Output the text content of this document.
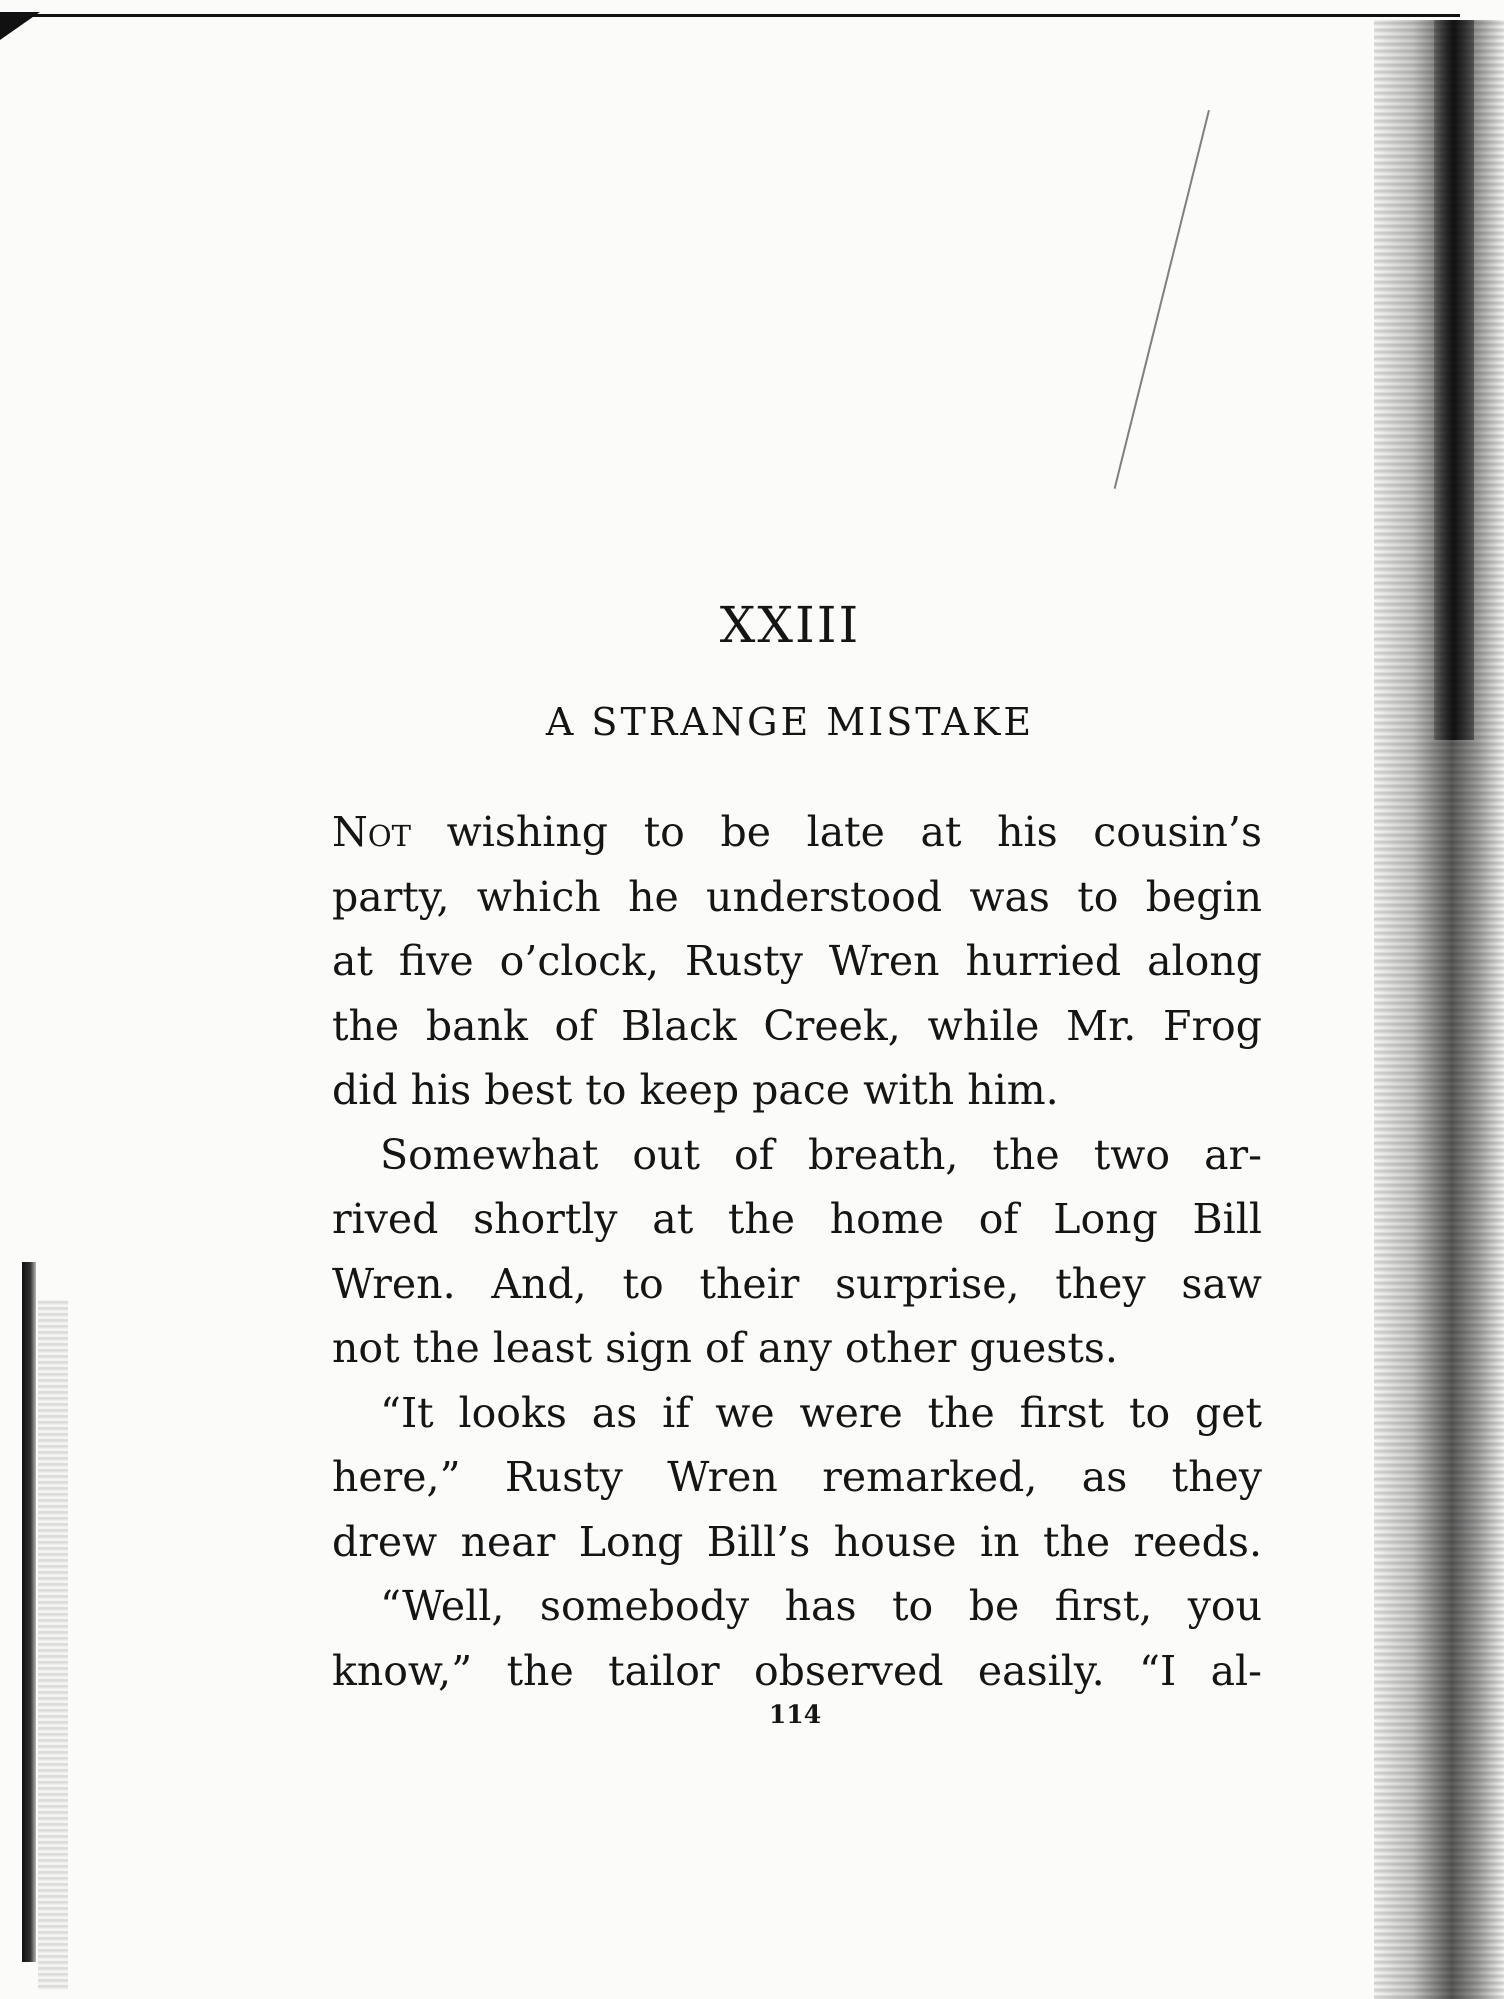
XXIII
A STRANGE MISTAKE
Not wishing to be late at his cousin’s
party, which he understood was to begin
at five o’clock, Rusty Wren hurried along
the bank of Black Creek, while Mr. Frog
did his best to keep pace with him.
Somewhat out of breath, the two ar-
rived shortly at the home of Long Bill
Wren. And, to their surprise, they saw
not the least sign of any other guests.
“It looks as if we were the first to get
here,” Rusty Wren remarked, as they
drew near Long Bill’s house in the reeds.
“Well, somebody has to be first, you
know,” the tailor observed easily. “I al-
114
